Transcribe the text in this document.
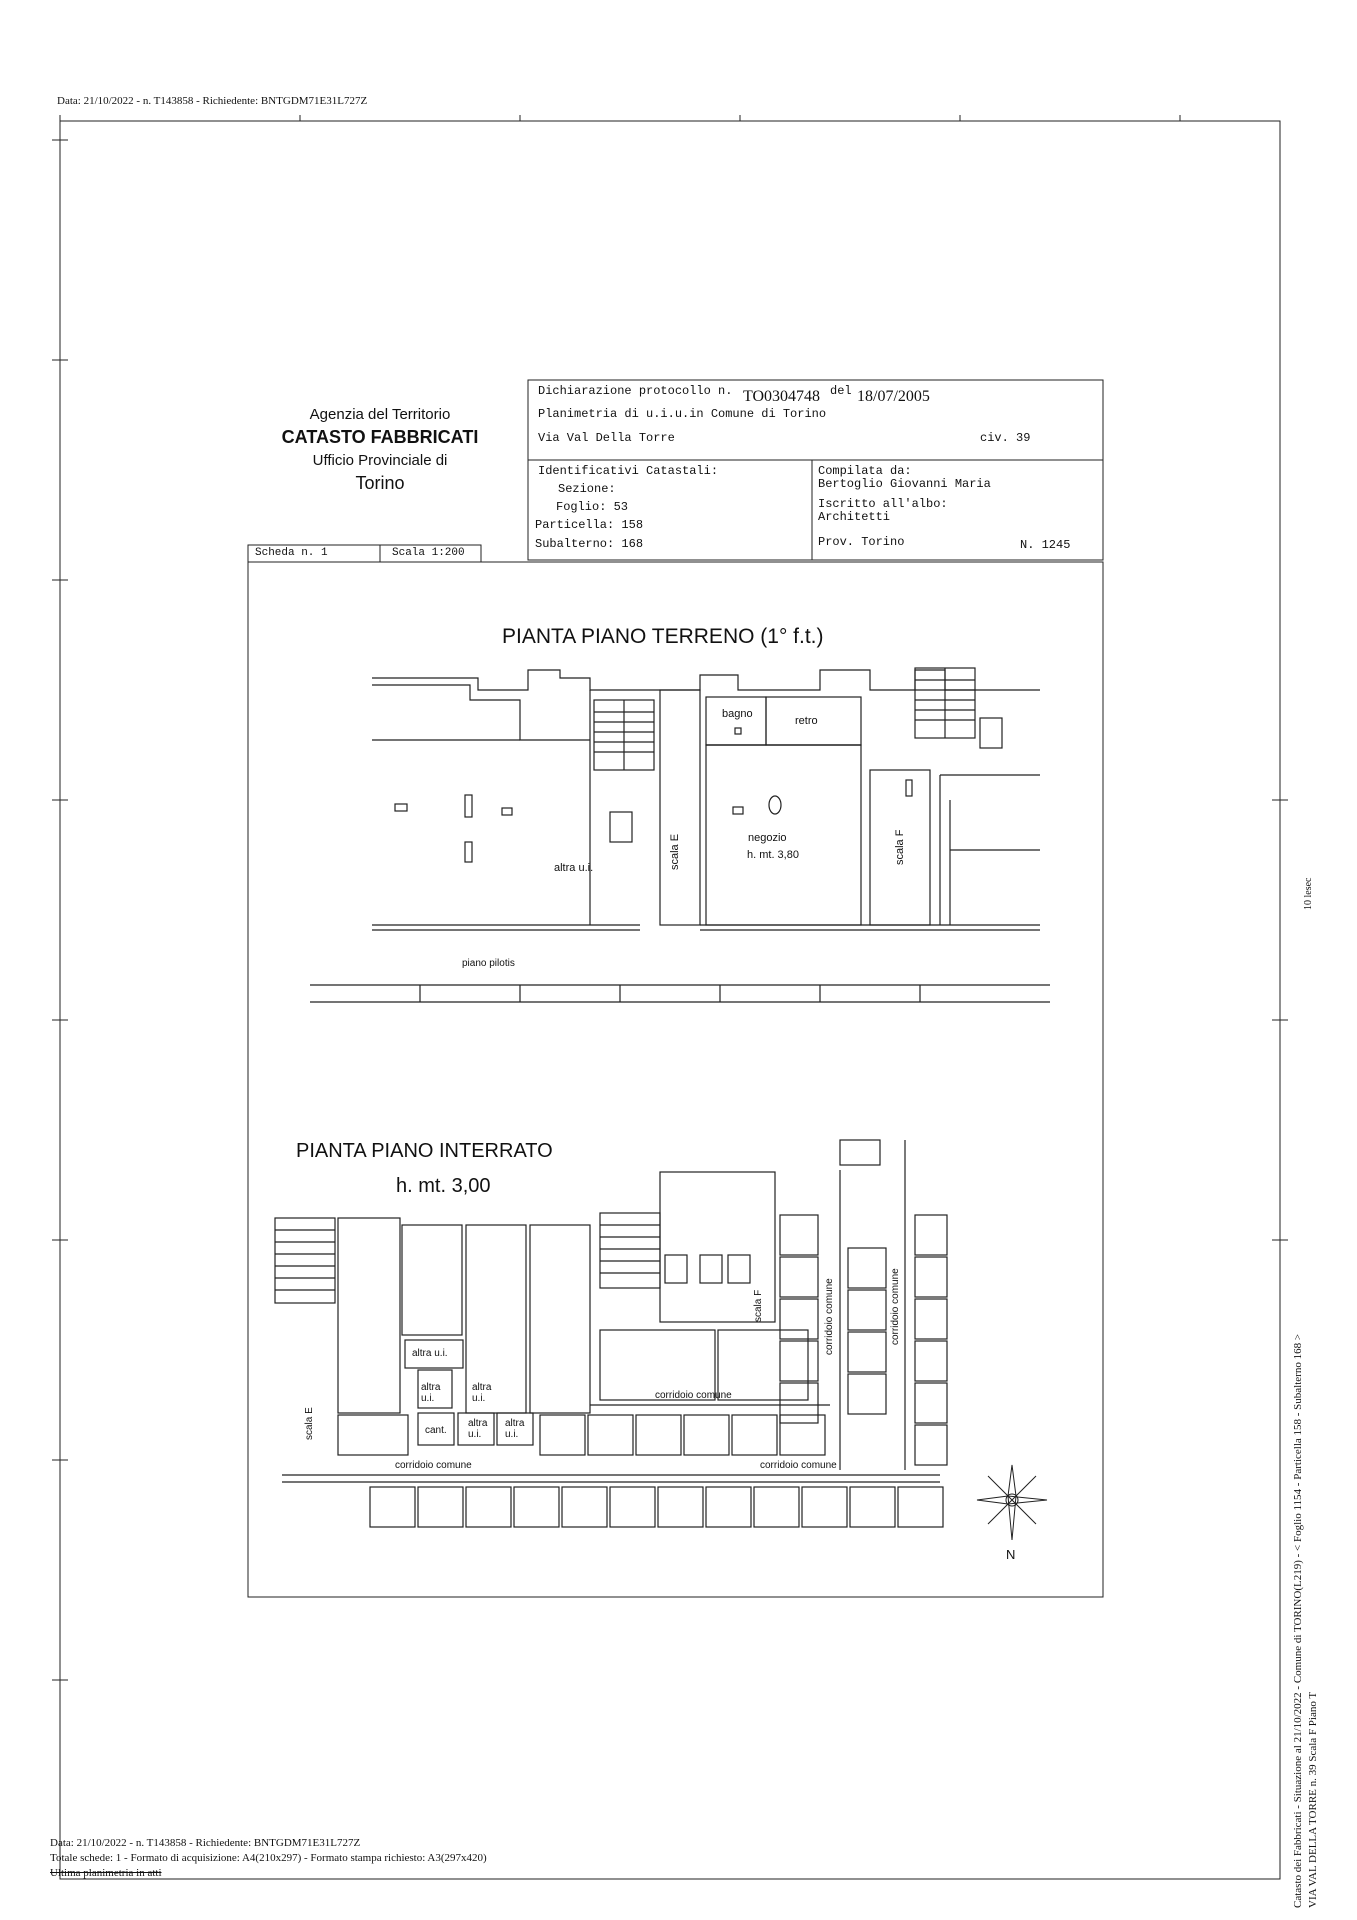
Data: 21/10/2022 - n. T143858 - Richiedente: BNTGDM71E31L727Z
Agenzia del Territorio
CATASTO FABBRICATI
Ufficio Provinciale di
Torino
Dichiarazione protocollo n. TO0304748 del 18/07/2005
Planimetria di u.i.u.in Comune di Torino
Via Val Della Torre	civ. 39
Identificativi Catastali:
Sezione:
Foglio: 53
Particella: 158
Subalterno: 168
Compilata da:
Bertoglio Giovanni Maria
Iscritto all'albo:
Architetti
Prov. Torino	N. 1245
Scheda n. 1	Scala 1:200
PIANTA PIANO TERRENO (1° f.t.)
bagno
retro
negozio
h. mt. 3,80
altra u.i.	scala E	scala F
piano pilotis
PIANTA PIANO INTERRATO
h. mt. 3,00
altra u.i.
altra u.i.
altra u.i.
altra u.i.
altra u.i.
cant.
corridoio comune
corridoio comune	corridoio comune
corridoio comune	corridoio comune
scala E
scala F
N	Catasto dei Fabbricati - Situazione al 21/10/2022 - Comune di TORINO(L219) - < Foglio 1154 - Particella 158 - Subalterno 168 > VIA VAL DELLA TORRE n. 39 Scala F Piano T
10 lesec
Data: 21/10/2022 - n. T143858 - Richiedente: BNTGDM71E31L727Z
Totale schede: 1 - Formato di acquisizione: A4(210x297) - Formato stampa richiesto: A3(297x420)
Ultima planimetria in atti
